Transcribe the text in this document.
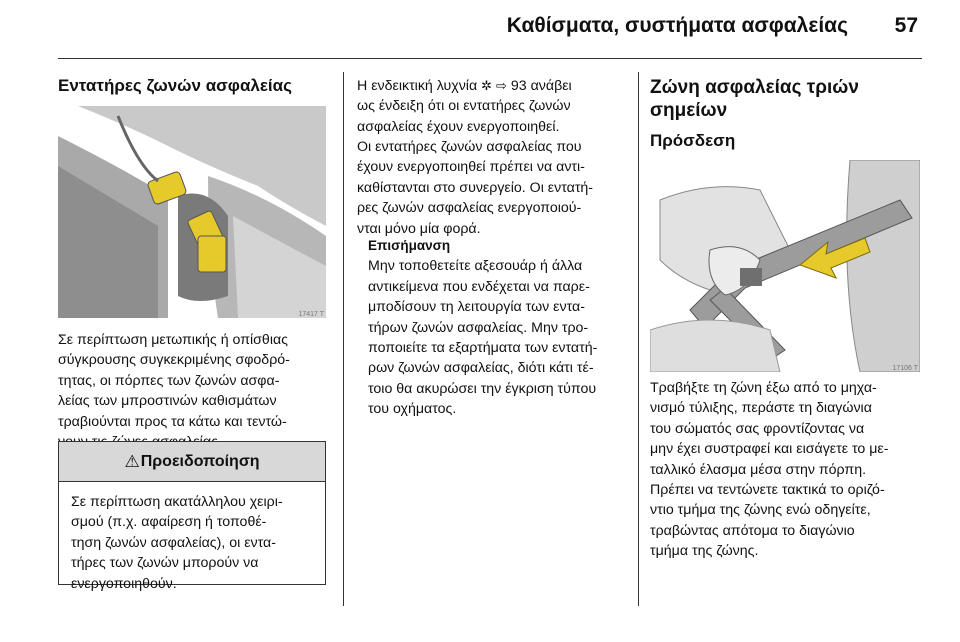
Καθίσματα, συστήματα ασφαλείας 57
Εντατήρες ζωνών ασφαλείας
17417 T

Σε περίπτωση μετωπικής ή οπίσθιας

σύγκρουσης συγκεκριμένης σφοδρό-

τητας, οι πόρπες των ζωνών ασφα-

λείας των μπροστινών καθισμάτων

τραβιούνται προς τα κάτω και τεντώ-

⚠ Προειδοποίηση

Σε περίπτωση ακατάλληλου χειρι-

σμού (π.χ. αφαίρεση ή τοποθέ-

τηση ζωνών ασφαλείας), οι εντα-

τήρες των ζωνών μπορούν να

ενεργοποιηθούν.

Η ενδεικτική λυχνία ✲ ⇨ 93 ανάβει

ως ένδειξη ότι οι εντατήρες ζωνών

ασφαλείας έχουν ενεργοποιηθεί.

Οι εντατήρες ζωνών ασφαλείας που

έχουν ενεργοποιηθεί πρέπει να αντι-

καθίστανται στο συνεργείο. Οι εντατή-

ρες ζωνών ασφαλείας ενεργοποιού-

νται μόνο μία φορά.

Επισήμανση

Μην τοποθετείτε αξεσουάρ ή άλλα

αντικείμενα που ενδέχεται να παρε-

μποδίσουν τη λειτουργία των εντα-

τήρων ζωνών ασφαλείας. Μην τρο-

ποποιείτε τα εξαρτήματα των εντατή-

ρων ζωνών ασφαλείας, διότι κάτι τέ-

τοιο θα ακυρώσει την έγκριση τύπου

του οχήματος.

Ζώνη ασφαλείας τριών

σημείων

Πρόσδεση
17106 T

Τραβήξτε τη ζώνη έξω από το μηχα-

νισμό τύλιξης, περάστε τη διαγώνια

του σώματός σας φροντίζοντας να

μην έχει συστραφεί και εισάγετε το με-

ταλλικό έλασμα μέσα στην πόρπη.

Πρέπει να τεντώνετε τακτικά το οριζό-

ντιο τμήμα της ζώνης ενώ οδηγείτε,

τραβώντας απότομα το διαγώνιο

τμήμα της ζώνης.
